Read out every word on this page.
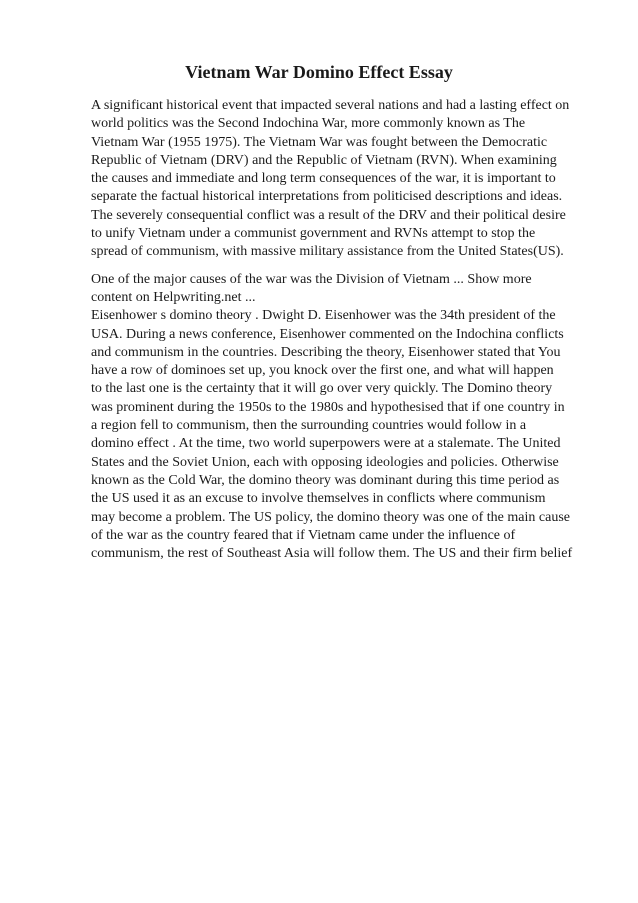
Vietnam War Domino Effect Essay
A significant historical event that impacted several nations and had a lasting effect on
world politics was the Second Indochina War, more commonly known as The
Vietnam War (1955 1975). The Vietnam War was fought between the Democratic
Republic of Vietnam (DRV) and the Republic of Vietnam (RVN). When examining
the causes and immediate and long term consequences of the war, it is important to
separate the factual historical interpretations from politicised descriptions and ideas.
The severely consequential conflict was a result of the DRV and their political desire
to unify Vietnam under a communist government and RVNs attempt to stop the
spread of communism, with massive military assistance from the United States(US).
One of the major causes of the war was the Division of Vietnam ... Show more
content on Helpwriting.net ...
Eisenhower s domino theory . Dwight D. Eisenhower was the 34th president of the
USA. During a news conference, Eisenhower commented on the Indochina conflicts
and communism in the countries. Describing the theory, Eisenhower stated that You
have a row of dominoes set up, you knock over the first one, and what will happen
to the last one is the certainty that it will go over very quickly. The Domino theory
was prominent during the 1950s to the 1980s and hypothesised that if one country in
a region fell to communism, then the surrounding countries would follow in a
domino effect . At the time, two world superpowers were at a stalemate. The United
States and the Soviet Union, each with opposing ideologies and policies. Otherwise
known as the Cold War, the domino theory was dominant during this time period as
the US used it as an excuse to involve themselves in conflicts where communism
may become a problem. The US policy, the domino theory was one of the main cause
of the war as the country feared that if Vietnam came under the influence of
communism, the rest of Southeast Asia will follow them. The US and their firm belief
